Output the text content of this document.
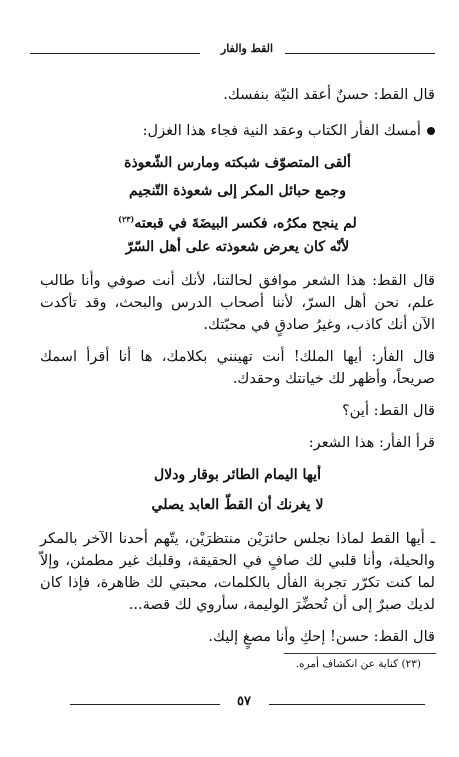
القط والفار
قال القط: حسنٌ أعقد النيّة بنفسك.
أمسك الفأر الكتاب وعقد النية فجاء هذا الغزل:
ألقى المتصوّف شبكته ومارس الشّعوذة
وجمع حبائل المكر إلى شعوذة التّنجيم
لم ينجح مكرُه، فكسر البيضَةَ في قبعته$^{(٢٣)}$
لأنّه كان يعرض شعوذته على أهل السّرّ
قال القط: هذا الشعر موافق لحالتنا، لأنك أنت صوفي وأنا طالب
علم، نحن أهل السرّ، لأننا أصحاب الدرس والبحث، وقد تأكدت
الآن أنك كاذب، وغيرُ صادقٍ في محبّتك.
قال الفأر: أيها الملك! أنت تهينني بكلامك، ها أنا أقرأ اسمك
صريحاً، وأظهر لك خيانتك وحقدك.
قال القط: أين؟
قرأ الفأر: هذا الشعر:
أيها اليمام الطائر بوقار ودلال
لا يغرنك أن القطّ العابد يصلي
ـ أيها القط لماذا نجلس حائرَيْن منتظرَيْن، يتّهم أحدنا الآخر بالمكر
والحيلة، وأنا قلبي لك صافٍ في الحقيقة، وقلبك غير مطمئن، وإلاّ
لما كنت تكرّر تجربة الفأل بالكلمات، محبتي لك ظاهرة، فإذا كان
لديك صبرٌ إلى أن تُحضِّرَ الوليمة، سأروي لك قصة...
قال القط: حسن! إحكِ وأنا مصغٍ إليك.
(٢٣) كناية عن انكشاف أمره.
٥٧
